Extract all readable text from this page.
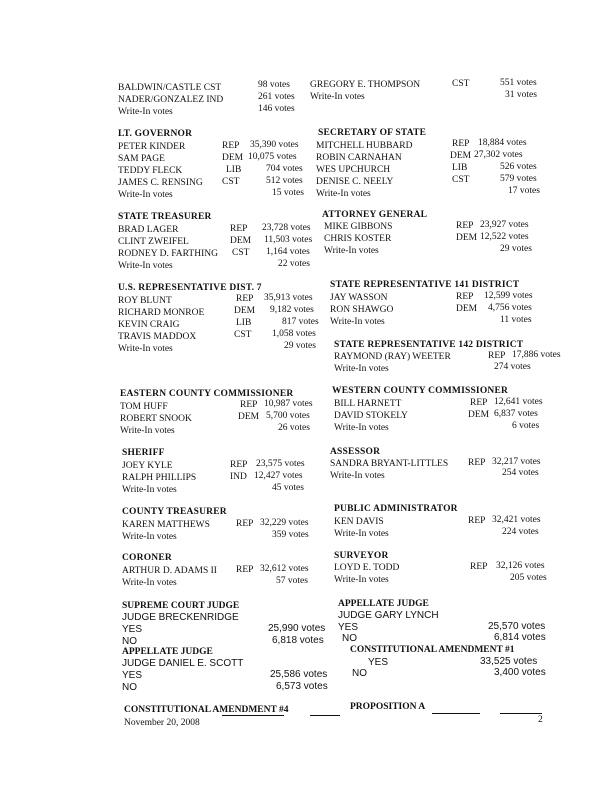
BALDWIN/CASTLE CST	98 votes
NADER/GONZALEZ IND	261 votes
Write-In votes	146 votes
GREGORY E. THOMPSON	CST	551 votes
Write-In votes	31 votes
LT. GOVERNOR
PETER KINDER	REP 35,390 votes
SAM PAGE	DEM 10,075 votes
TEDDY FLECK	LIB	704 votes
JAMES C. RENSING CST	512 votes
Write-In votes	15 votes
SECRETARY OF STATE
MITCHELL HUBBARD	REP 18,884 votes
ROBIN CARNAHAN	DEM 27,302 votes
WES UPCHURCH	LIB	526 votes
DENISE C. NEELY	CST	579 votes
Write-In votes	17 votes
STATE TREASURER
BRAD LAGER	REP 23,728 votes
CLINT ZWEIFEL	DEM 11,503 votes
RODNEY D. FARTHING CST 1,164 votes
Write-In votes	22 votes
ATTORNEY GENERAL
MIKE GIBBONS	REP 23,927 votes
CHRIS KOSTER	DEM 12,522 votes
Write-In votes	29 votes
U.S. REPRESENTATIVE DIST. 7
ROY BLUNT	REP 35,913 votes
RICHARD MONROE	DEM 9,182 votes
KEVIN CRAIG	LIB	817 votes
TRAVIS MADDOX	CST 1,058 votes
Write-In votes	29 votes
STATE REPRESENTATIVE 141 DISTRICT
JAY WASSON	REP 12,599 votes
RON SHAWGO	DEM 4,756 votes
Write-In votes	11 votes
STATE REPRESENTATIVE 142 DISTRICT
RAYMOND (RAY) WEETER	REP 17,886 votes
Write-In votes	274 votes
EASTERN COUNTY COMMISSIONER
TOM HUFF	REP 10,987 votes
ROBERT SNOOK	DEM 5,700 votes
Write-In votes	26 votes
WESTERN COUNTY COMMISSIONER
BILL HARNETT	REP 12,641 votes
DAVID STOKELY	DEM 6,837 votes
Write-In votes	6 votes
SHERIFF
JOEY KYLE	REP 23,575 votes
RALPH PHILLIPS	IND 12,427 votes
Write-In votes	45 votes
ASSESSOR
SANDRA BRYANT-LITTLES REP 32,217 votes
Write-In votes	254 votes
COUNTY TREASURER
KAREN MATTHEWS	REP 32,229 votes
Write-In votes	359 votes
PUBLIC ADMINISTRATOR
KEN DAVIS	REP 32,421 votes
Write-In votes	224 votes
CORONER
ARTHUR D. ADAMS II REP 32,612 votes
Write-In votes	57 votes
SURVEYOR
LOYD E. TODD	REP 32,126 votes
Write-In votes	205 votes
SUPREME COURT JUDGE
JUDGE BRECKENRIDGE
YES	25,990 votes
NO	6,818 votes
APPELLATE JUDGE
JUDGE GARY LYNCH
YES	25,570 votes
NO	6,814 votes
APPELLATE JUDGE
JUDGE DANIEL E. SCOTT
YES	25,586 votes
NO	6,573 votes
CONSTITUTIONAL AMENDMENT #1
YES	33,525 votes
NO	3,400 votes
CONSTITUTIONAL AMENDMENT #4	PROPOSITION A
November 20, 2008	2
